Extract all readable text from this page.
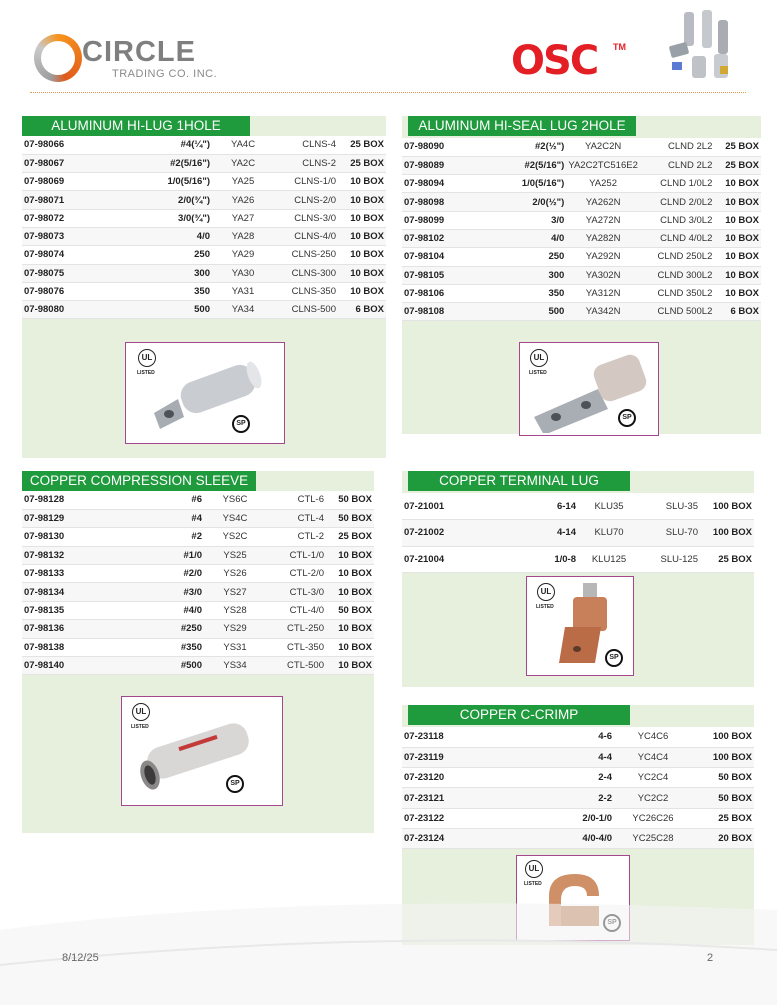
CIRCLE
TRADING CO. INC.	OSC TM
ALUMINUM HI-LUG 1HOLE
07-98066	#4(¼")	YA4C	CLNS-4	25 BOX
07-98067	#2(5/16")	YA2C	CLNS-2	25 BOX
07-98069	1/0(5/16")	YA25	CLNS-1/0	10 BOX
07-98071	2/0(¾")	YA26	CLNS-2/0	10 BOX
07-98072	3/0(¾")	YA27	CLNS-3/0	10 BOX
07-98073	4/0	YA28	CLNS-4/0	10 BOX
07-98074	250	YA29	CLNS-250	10 BOX
07-98075	300	YA30	CLNS-300	10 BOX
07-98076	350	YA31	CLNS-350	10 BOX
07-98080	500	YA34	CLNS-500	6 BOX
UL
LISTED
SP
ALUMINUM HI-SEAL LUG 2HOLE
07-98090	#2(½")	YA2C2N	CLND 2L2	25 BOX
07-98089	#2(5/16")	YA2C2TC516E2	CLND 2L2	25 BOX
07-98094	1/0(5/16")	YA252	CLND 1/0L2	10 BOX
07-98098	2/0(½")	YA262N	CLND 2/0L2	10 BOX
07-98099	3/0	YA272N	CLND 3/0L2	10 BOX
07-98102	4/0	YA282N	CLND 4/0L2	10 BOX
07-98104	250	YA292N	CLND 250L2	10 BOX
07-98105	300	YA302N	CLND 300L2	10 BOX
07-98106	350	YA312N	CLND 350L2	10 BOX
07-98108	500	YA342N	CLND 500L2	6 BOX
UL
LISTED
SP
COPPER COMPRESSION SLEEVE
07-98128	#6	YS6C	CTL-6	50 BOX
07-98129	#4	YS4C	CTL-4	50 BOX
07-98130	#2	YS2C	CTL-2	25 BOX
07-98132	#1/0	YS25	CTL-1/0	10 BOX
07-98133	#2/0	YS26	CTL-2/0	10 BOX
07-98134	#3/0	YS27	CTL-3/0	10 BOX
07-98135	#4/0	YS28	CTL-4/0	50 BOX
07-98136	#250	YS29	CTL-250	10 BOX
07-98138	#350	YS31	CTL-350	10 BOX
07-98140	#500	YS34	CTL-500	10 BOX
UL
LISTED
SP
COPPER TERMINAL LUG
07-21001	6-14	KLU35	SLU-35	100 BOX
07-21002	4-14	KLU70	SLU-70	100 BOX
07-21004	1/0-8	KLU125	SLU-125	25 BOX
UL
LISTED
SP
COPPER C-CRIMP
07-23118	4-6	YC4C6	100 BOX
07-23119	4-4	YC4C4	100 BOX
07-23120	2-4	YC2C4	50 BOX
07-23121	2-2	YC2C2	50 BOX
07-23122	2/0-1/0	YC26C26	25 BOX
07-23124	4/0-4/0	YC25C28	20 BOX
UL
LISTED
8/12/25	2
